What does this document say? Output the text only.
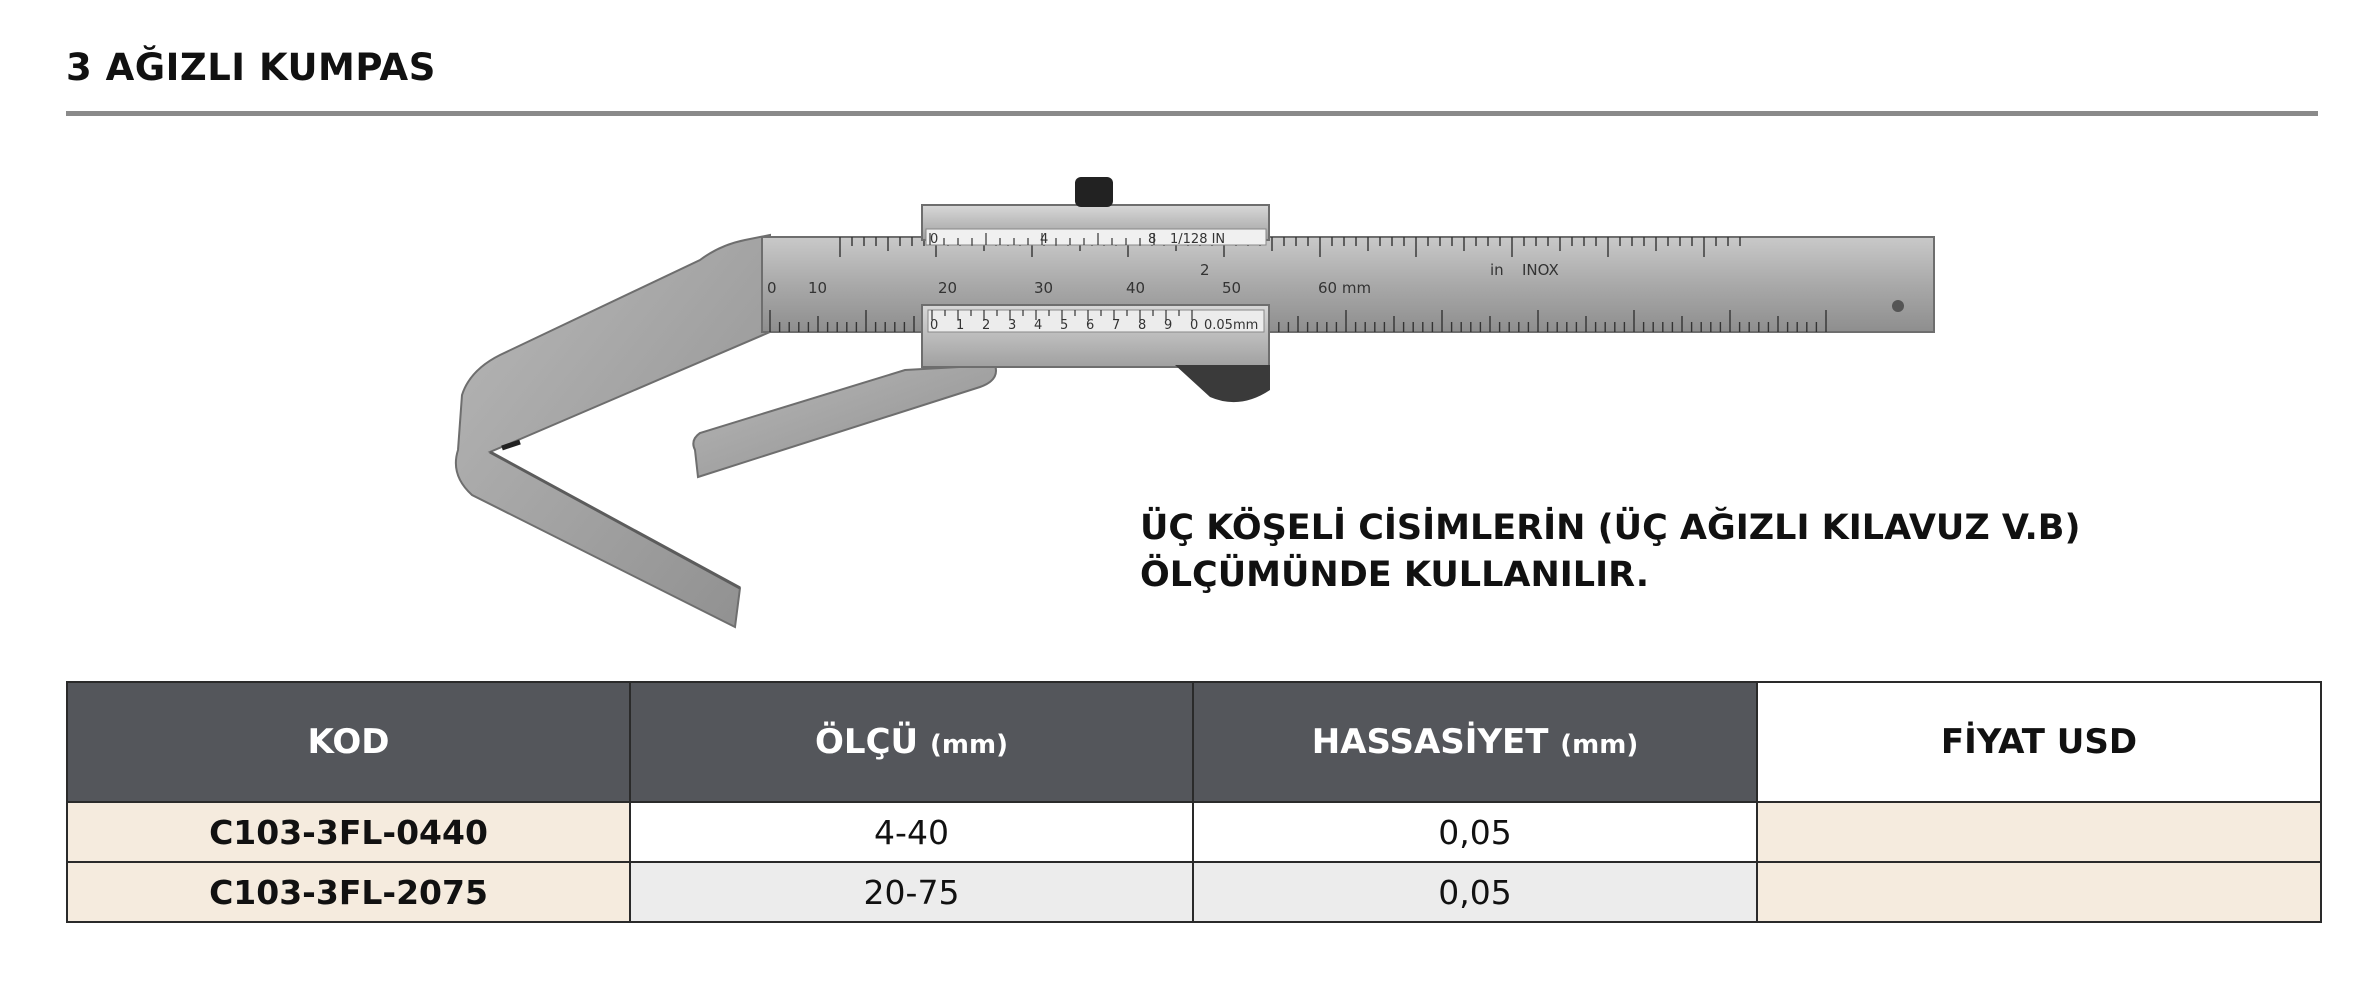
3 AĞIZLI KUMPAS
0 10	20	30	40	50	60 mm
2	in INOX
0	4	8 1/128 IN
0 1 2 3 4 5 6 7 8 9 0 0.05mm
ÜÇ KÖŞELİ CİSİMLERİN (ÜÇ AĞIZLI KILAVUZ V.B)
ÖLÇÜMÜNDE KULLANILIR.
KOD	ÖLÇÜ (mm)	HASSASİYET (mm)	FİYAT USD
C103-3FL-0440	4-40	0,05	
C103-3FL-2075	20-75	0,05	
